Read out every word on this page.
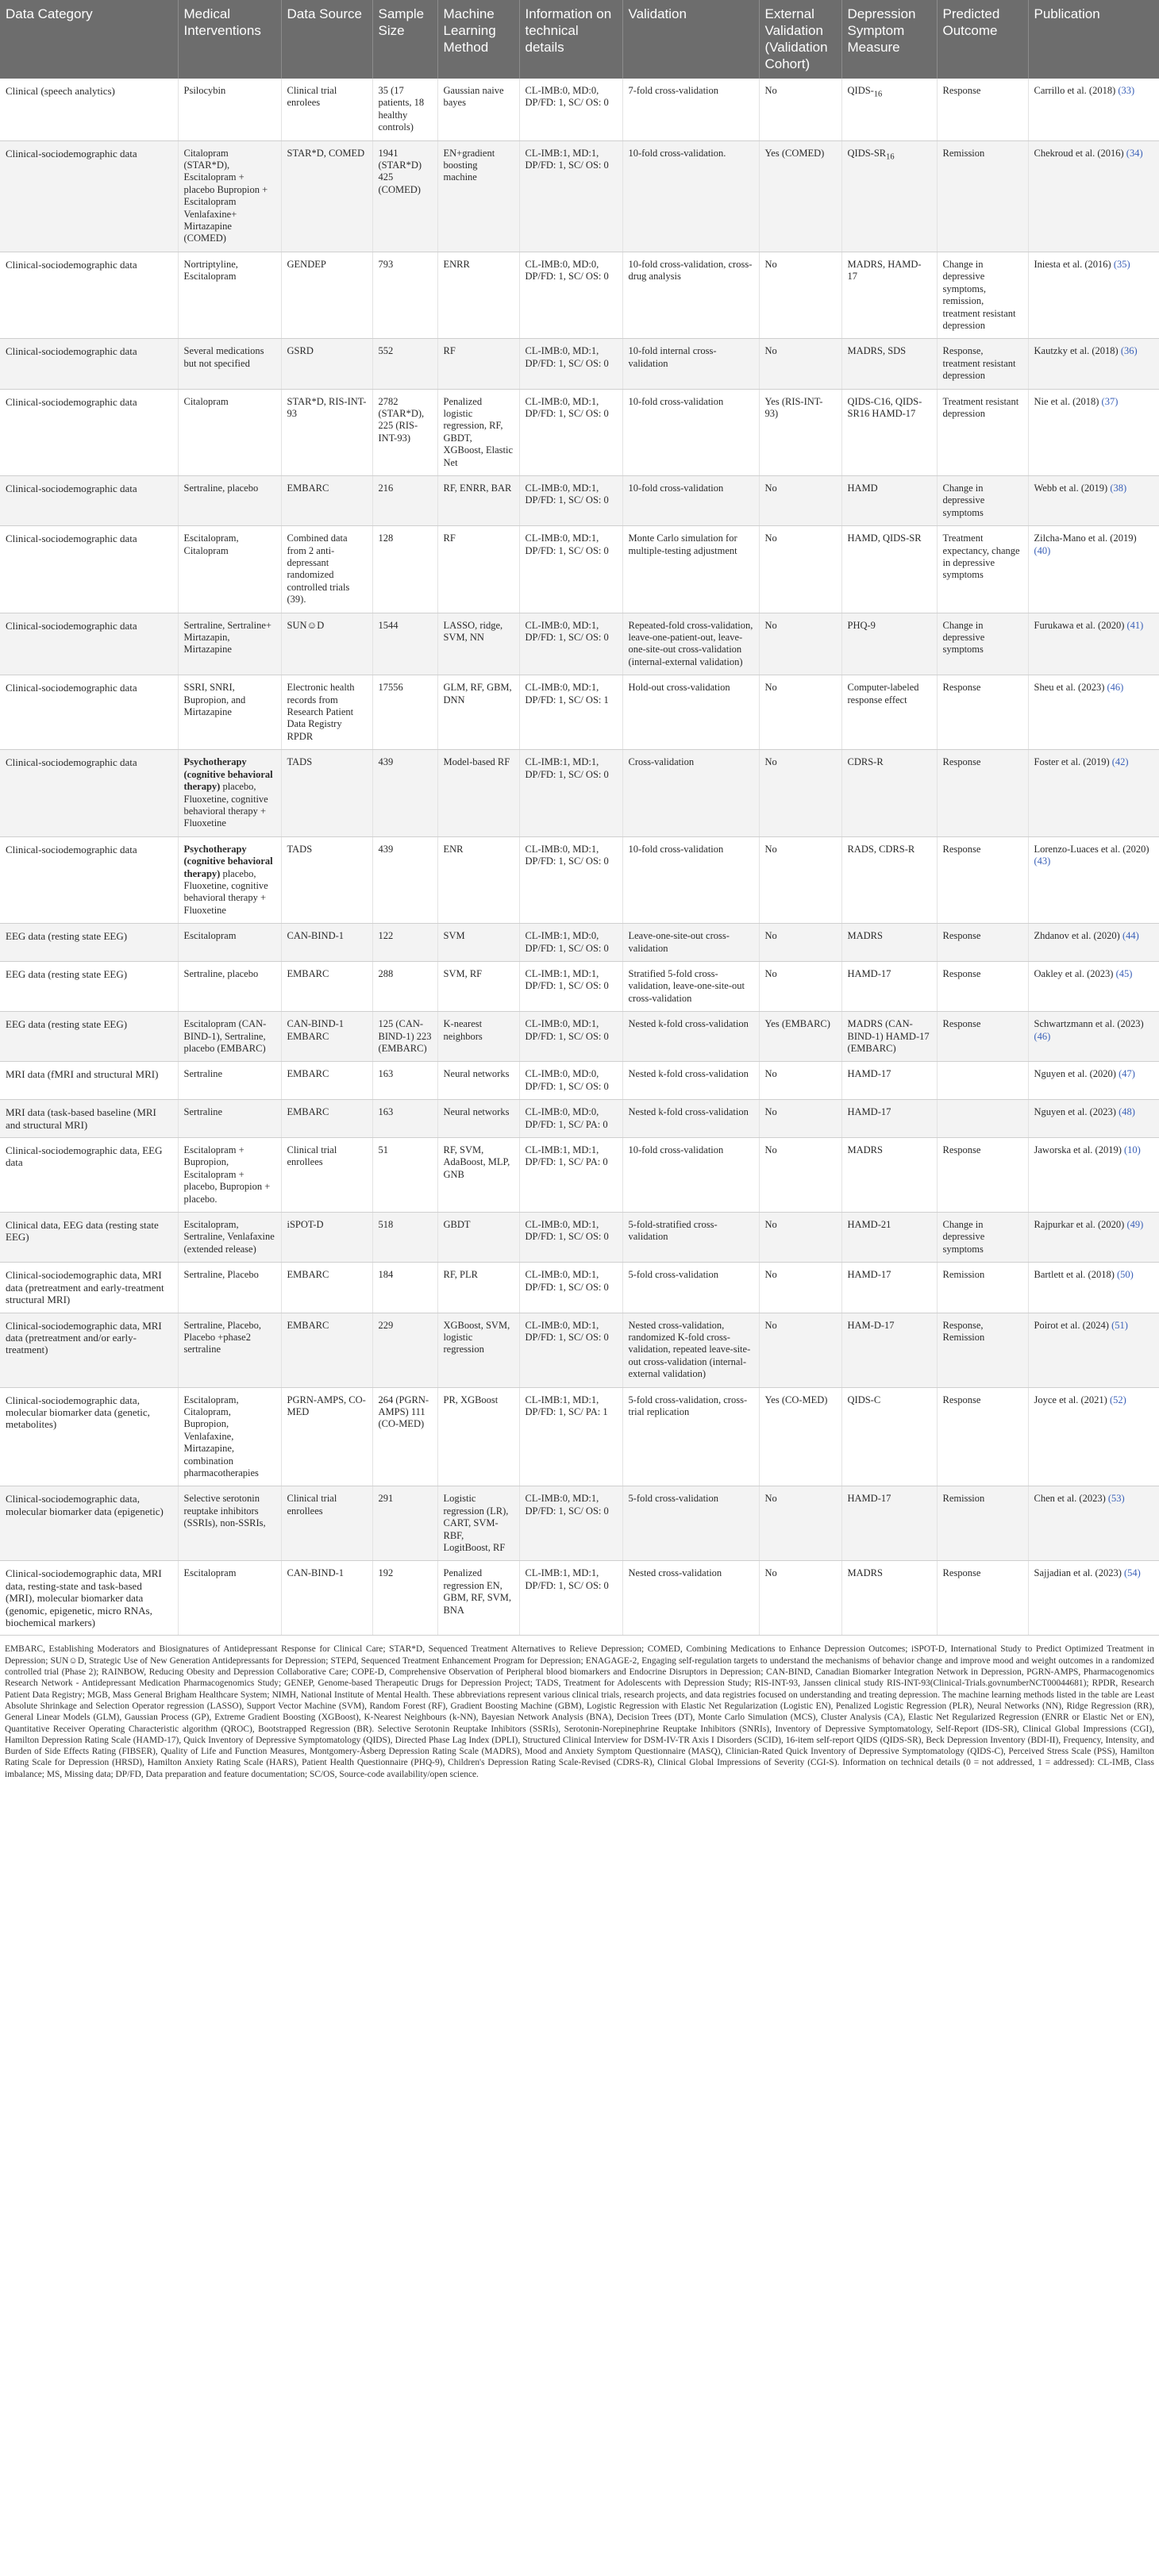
Data Category	Medical Interventions	Data Source	Sample Size	Machine Learning Method	Information on technical details	Validation	External Validation (Validation Cohort)	Depression Symptom Measure	Predicted Outcome	Publication
Clinical (speech analytics)	Psilocybin	Clinical trial enrolees	35 (17 patients, 18 healthy controls)	Gaussian naive bayes	CL-IMB:0, MD:0, DP/FD: 1, SC/ OS: 0	7-fold cross-validation	No	QIDS-$_{16}$	Response	Carrillo et al. (2018) (33)
Clinical-sociodemographic data	Citalopram (STAR*D), Escitalopram + placebo Bupropion + Escitalopram Venlafaxine+ Mirtazapine (COMED)	STAR*D, COMED	1941 (STAR*D) 425 (COMED)	EN+gradient boosting machine	CL-IMB:1, MD:1, DP/FD: 1, SC/ OS: 0	10-fold cross-validation.	Yes (COMED)	QIDS-$SR_{16}$	Remission	Chekroud et al. (2016) (34)
Clinical-sociodemographic data	Nortriptyline, Escitalopram	GENDEP	793	ENRR	CL-IMB:0, MD:0, DP/FD: 1, SC/ OS: 0	10-fold cross-validation, cross-drug analysis	No	MADRS, HAMD-17	Change in depressive symptoms, remission, treatment resistant depression	Iniesta et al. (2016) (35)
Clinical-sociodemographic data	Several medications but not specified	GSRD	552	RF	CL-IMB:0, MD:1, DP/FD: 1, SC/ OS: 0	10-fold internal cross-validation	No	MADRS, SDS	Response, treatment resistant depression	Kautzky et al. (2018) (36)
Clinical-sociodemographic data	Citalopram	STAR*D, RIS-INT-93	2782 (STAR*D), 225 (RIS-INT-93)	Penalized logistic regression, RF, GBDT, XGBoost, Elastic Net	CL-IMB:0, MD:1, DP/FD: 1, SC/ OS: 0	10-fold cross-validation	Yes (RIS-INT-93)	QIDS-C16, QIDS-SR16 HAMD-17	Treatment resistant depression	Nie et al. (2018) (37)
Clinical-sociodemographic data	Sertraline, placebo	EMBARC	216	RF, ENRR, BAR	CL-IMB:0, MD:1, DP/FD: 1, SC/ OS: 0	10-fold cross-validation	No	HAMD	Change in depressive symptoms	Webb et al. (2019) (38)
Clinical-sociodemographic data	Escitalopram, Citalopram	Combined data from 2 anti-depressant randomized controlled trials (39).	128	RF	CL-IMB:0, MD:1, DP/FD: 1, SC/ OS: 0	Monte Carlo simulation for multiple-testing adjustment	No	HAMD, QIDS-SR	Treatment expectancy, change in depressive symptoms	Zilcha-Mano et al. (2019) (40)
Clinical-sociodemographic data	Sertraline, Sertraline+ Mirtazapin, Mirtazapine	SUN☺D	1544	LASSO, ridge, SVM, NN	CL-IMB:0, MD:1, DP/FD: 1, SC/ OS: 0	Repeated-fold cross-validation, leave-one-patient-out, leave-one-site-out cross-validation (internal-external validation)	No	PHQ-9	Change in depressive symptoms	Furukawa et al. (2020) (41)
Clinical-sociodemographic data	SSRI, SNRI, Bupropion, and Mirtazapine	Electronic health records from Research Patient Data Registry RPDR	17556	GLM, RF, GBM, DNN	CL-IMB:0, MD:1, DP/FD: 1, SC/ OS: 1	Hold-out cross-validation	No	Computer-labeled response effect	Response	Sheu et al. (2023) (46)
Clinical-sociodemographic data	Psychotherapy (cognitive behavioral therapy) placebo, Fluoxetine, cognitive behavioral therapy + Fluoxetine	TADS	439	Model-based RF	CL-IMB:1, MD:1, DP/FD: 1, SC/ OS: 0	Cross-validation	No	CDRS-R	Response	Foster et al. (2019) (42)
Clinical-sociodemographic data	Psychotherapy (cognitive behavioral therapy) placebo, Fluoxetine, cognitive behavioral therapy + Fluoxetine	TADS	439	ENR	CL-IMB:0, MD:1, DP/FD: 1, SC/ OS: 0	10-fold cross-validation	No	RADS, CDRS-R	Response	Lorenzo-Luaces et al. (2020) (43)
EEG data (resting state EEG)	Escitalopram	CAN-BIND-1	122	SVM	CL-IMB:1, MD:0, DP/FD: 1, SC/ OS: 0	Leave-one-site-out cross-validation	No	MADRS	Response	Zhdanov et al. (2020) (44)
EEG data (resting state EEG)	Sertraline, placebo	EMBARC	288	SVM, RF	CL-IMB:1, MD:1, DP/FD: 1, SC/ OS: 0	Stratified 5-fold cross-validation, leave-one-site-out cross-validation	No	HAMD-17	Response	Oakley et al. (2023) (45)
EEG data (resting state EEG)	Escitalopram (CAN-BIND-1), Sertraline, placebo (EMBARC)	CAN-BIND-1 EMBARC	125 (CAN-BIND-1) 223 (EMBARC)	K-nearest neighbors	CL-IMB:0, MD:1, DP/FD: 1, SC/ OS: 0	Nested k-fold cross-validation	Yes (EMBARC)	MADRS (CAN-BIND-1) HAMD-17 (EMBARC)	Response	Schwartzmann et al. (2023) (46)
MRI data (fMRI and structural MRI)	Sertraline	EMBARC	163	Neural networks	CL-IMB:0, MD:0, DP/FD: 1, SC/ OS: 0	Nested k-fold cross-validation	No	HAMD-17		Nguyen et al. (2020) (47)
MRI data (task-based baseline (MRI and structural MRI)	Sertraline	EMBARC	163	Neural networks	CL-IMB:0, MD:0, DP/FD: 1, SC/ PA: 0	Nested k-fold cross-validation	No	HAMD-17		Nguyen et al. (2023) (48)
Clinical-sociodemographic data, EEG data	Escitalopram + Bupropion, Escitalopram + placebo, Bupropion + placebo.	Clinical trial enrollees	51	RF, SVM, AdaBoost, MLP, GNB	CL-IMB:1, MD:1, DP/FD: 1, SC/ PA: 0	10-fold cross-validation	No	MADRS	Response	Jaworska et al. (2019) (10)
Clinical data, EEG data (resting state EEG)	Escitalopram, Sertraline, Venlafaxine (extended release)	iSPOT-D	518	GBDT	CL-IMB:0, MD:1, DP/FD: 1, SC/ OS: 0	5-fold-stratified cross-validation	No	HAMD-21	Change in depressive symptoms	Rajpurkar et al. (2020) (49)
Clinical-sociodemographic data, MRI data (pretreatment and early-treatment structural MRI)	Sertraline, Placebo	EMBARC	184	RF, PLR	CL-IMB:0, MD:1, DP/FD: 1, SC/ OS: 0	5-fold cross-validation	No	HAMD-17	Remission	Bartlett et al. (2018) (50)
Clinical-sociodemographic data, MRI data (pretreatment and/or early-treatment)	Sertraline, Placebo, Placebo +phase2 sertraline	EMBARC	229	XGBoost, SVM, logistic regression	CL-IMB:0, MD:1, DP/FD: 1, SC/ OS: 0	Nested cross-validation, randomized K-fold cross-validation, repeated leave-site-out cross-validation (internal-external validation)	No	HAM-D-17	Response, Remission	Poirot et al. (2024) (51)
Clinical-sociodemographic data, molecular biomarker data (genetic, metabolites)	Escitalopram, Citalopram, Bupropion, Venlafaxine, Mirtazapine, combination pharmacotherapies	PGRN-AMPS, CO-MED	264 (PGRN-AMPS) 111 (CO-MED)	PR, XGBoost	CL-IMB:1, MD:1, DP/FD: 1, SC/ PA: 1	5-fold cross-validation, cross-trial replication	Yes (CO-MED)	QIDS-C	Response	Joyce et al. (2021) (52)
Clinical-sociodemographic data, molecular biomarker data (epigenetic)	Selective serotonin reuptake inhibitors (SSRIs), non-SSRIs,	Clinical trial enrollees	291	Logistic regression (LR), CART, SVM-RBF, LogitBoost, RF	CL-IMB:0, MD:1, DP/FD: 1, SC/ OS: 0	5-fold cross-validation	No	HAMD-17	Remission	Chen et al. (2023) (53)
Clinical-sociodemographic data, MRI data, resting-state and task-based (MRI), molecular biomarker data (genomic, epigenetic, micro RNAs, biochemical markers)	Escitalopram	CAN-BIND-1	192	Penalized regression EN, GBM, RF, SVM, BNA	CL-IMB:1, MD:1, DP/FD: 1, SC/ OS: 0	Nested cross-validation	No	MADRS	Response	Sajjadian et al. (2023) (54)
EMBARC, Establishing Moderators and Biosignatures of Antidepressant Response for Clinical Care; STAR*D, Sequenced Treatment Alternatives to Relieve Depression; COMED, Combining Medications to Enhance Depression Outcomes; iSPOT-D, International Study to Predict Optimized Treatment in Depression; SUN☺D, Strategic Use of New Generation Antidepressants for Depression; STEPd, Sequenced Treatment Enhancement Program for Depression; ENAGAGE-2, Engaging self-regulation targets to understand the mechanisms of behavior change and improve mood and weight outcomes in a randomized controlled trial (Phase 2); RAINBOW, Reducing Obesity and Depression Collaborative Care; COPE-D, Comprehensive Observation of Peripheral blood biomarkers and Endocrine Disruptors in Depression; CAN-BIND, Canadian Biomarker Integration Network in Depression, PGRN-AMPS, Pharmacogenomics Research Network - Antidepressant Medication Pharmacogenomics Study; GENEP, Genome-based Therapeutic Drugs for Depression Project; TADS, Treatment for Adolescents with Depression Study; RIS-INT-93, Janssen clinical study RIS-INT-93(Clinical-Trials.govnumberNCT00044681); RPDR, Research Patient Data Registry; MGB, Mass General Brigham Healthcare System; NIMH, National Institute of Mental Health. These abbreviations represent various clinical trials, research projects, and data registries focused on understanding and treating depression. The machine learning methods listed in the table are Least Absolute Shrinkage and Selection Operator regression (LASSO), Support Vector Machine (SVM), Random Forest (RF), Gradient Boosting Machine (GBM), Logistic Regression with Elastic Net Regularization (Logistic EN), Penalized Logistic Regression (PLR), Neural Networks (NN), Ridge Regression (RR), General Linear Models (GLM), Gaussian Process (GP), Extreme Gradient Boosting (XGBoost), K-Nearest Neighbours (k-NN), Bayesian Network Analysis (BNA), Decision Trees (DT), Monte Carlo Simulation (MCS), Cluster Analysis (CA), Elastic Net Regularized Regression (ENRR or Elastic Net or EN), Quantitative Receiver Operating Characteristic algorithm (QROC), Bootstrapped Regression (BR). Selective Serotonin Reuptake Inhibitors (SSRIs), Serotonin-Norepinephrine Reuptake Inhibitors (SNRIs), Inventory of Depressive Symptomatology, Self-Report (IDS-SR), Clinical Global Impressions (CGI), Hamilton Depression Rating Scale (HAMD-17), Quick Inventory of Depressive Symptomatology (QIDS), Directed Phase Lag Index (DPLI), Structured Clinical Interview for DSM-IV-TR Axis I Disorders (SCID), 16-item self-report QIDS (QIDS-SR), Beck Depression Inventory (BDI-II), Frequency, Intensity, and Burden of Side Effects Rating (FIBSER), Quality of Life and Function Measures, Montgomery-Åsberg Depression Rating Scale (MADRS), Mood and Anxiety Symptom Questionnaire (MASQ), Clinician-Rated Quick Inventory of Depressive Symptomatology (QIDS-C), Perceived Stress Scale (PSS), Hamilton Rating Scale for Depression (HRSD), Hamilton Anxiety Rating Scale (HARS), Patient Health Questionnaire (PHQ-9), Children's Depression Rating Scale-Revised (CDRS-R), Clinical Global Impressions of Severity (CGI-S). Information on technical details (0 = not addressed, 1 = addressed): CL-IMB, Class imbalance; MS, Missing data; DP/FD, Data preparation and feature documentation; SC/OS, Source-code availability/open science.
